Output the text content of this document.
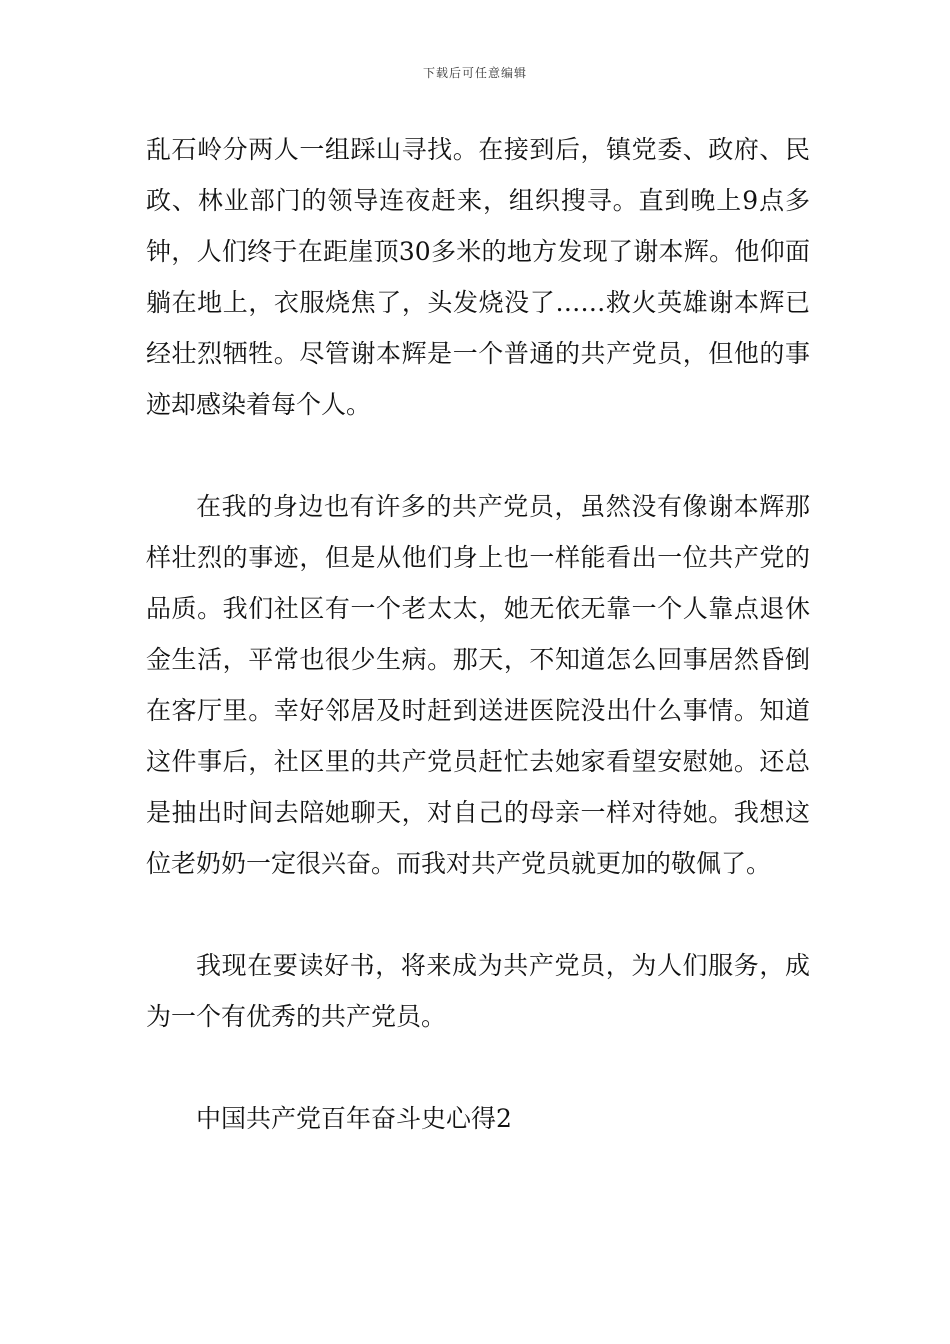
下载后可任意编辑

乱石岭分两人一组踩山寻找。在接到后，镇党委、政府、民政、林业部门的领导连夜赶来，组织搜寻。直到晚上9点多钟，人们终于在距崖顶30多米的地方发现了谢本辉。他仰面躺在地上，衣服烧焦了，头发烧没了……救火英雄谢本辉已经壮烈牺牲。尽管谢本辉是一个普通的共产党员，但他的事迹却感染着每个人。

在我的身边也有许多的共产党员，虽然没有像谢本辉那样壮烈的事迹，但是从他们身上也一样能看出一位共产党的品质。我们社区有一个老太太，她无依无靠一个人靠点退休金生活，平常也很少生病。那天，不知道怎么回事居然昏倒在客厅里。幸好邻居及时赶到送进医院没出什么事情。知道这件事后，社区里的共产党员赶忙去她家看望安慰她。还总是抽出时间去陪她聊天，对自己的母亲一样对待她。我想这位老奶奶一定很兴奋。而我对共产党员就更加的敬佩了。

我现在要读好书，将来成为共产党员，为人们服务，成为一个有优秀的共产党员。

中国共产党百年奋斗史心得2
